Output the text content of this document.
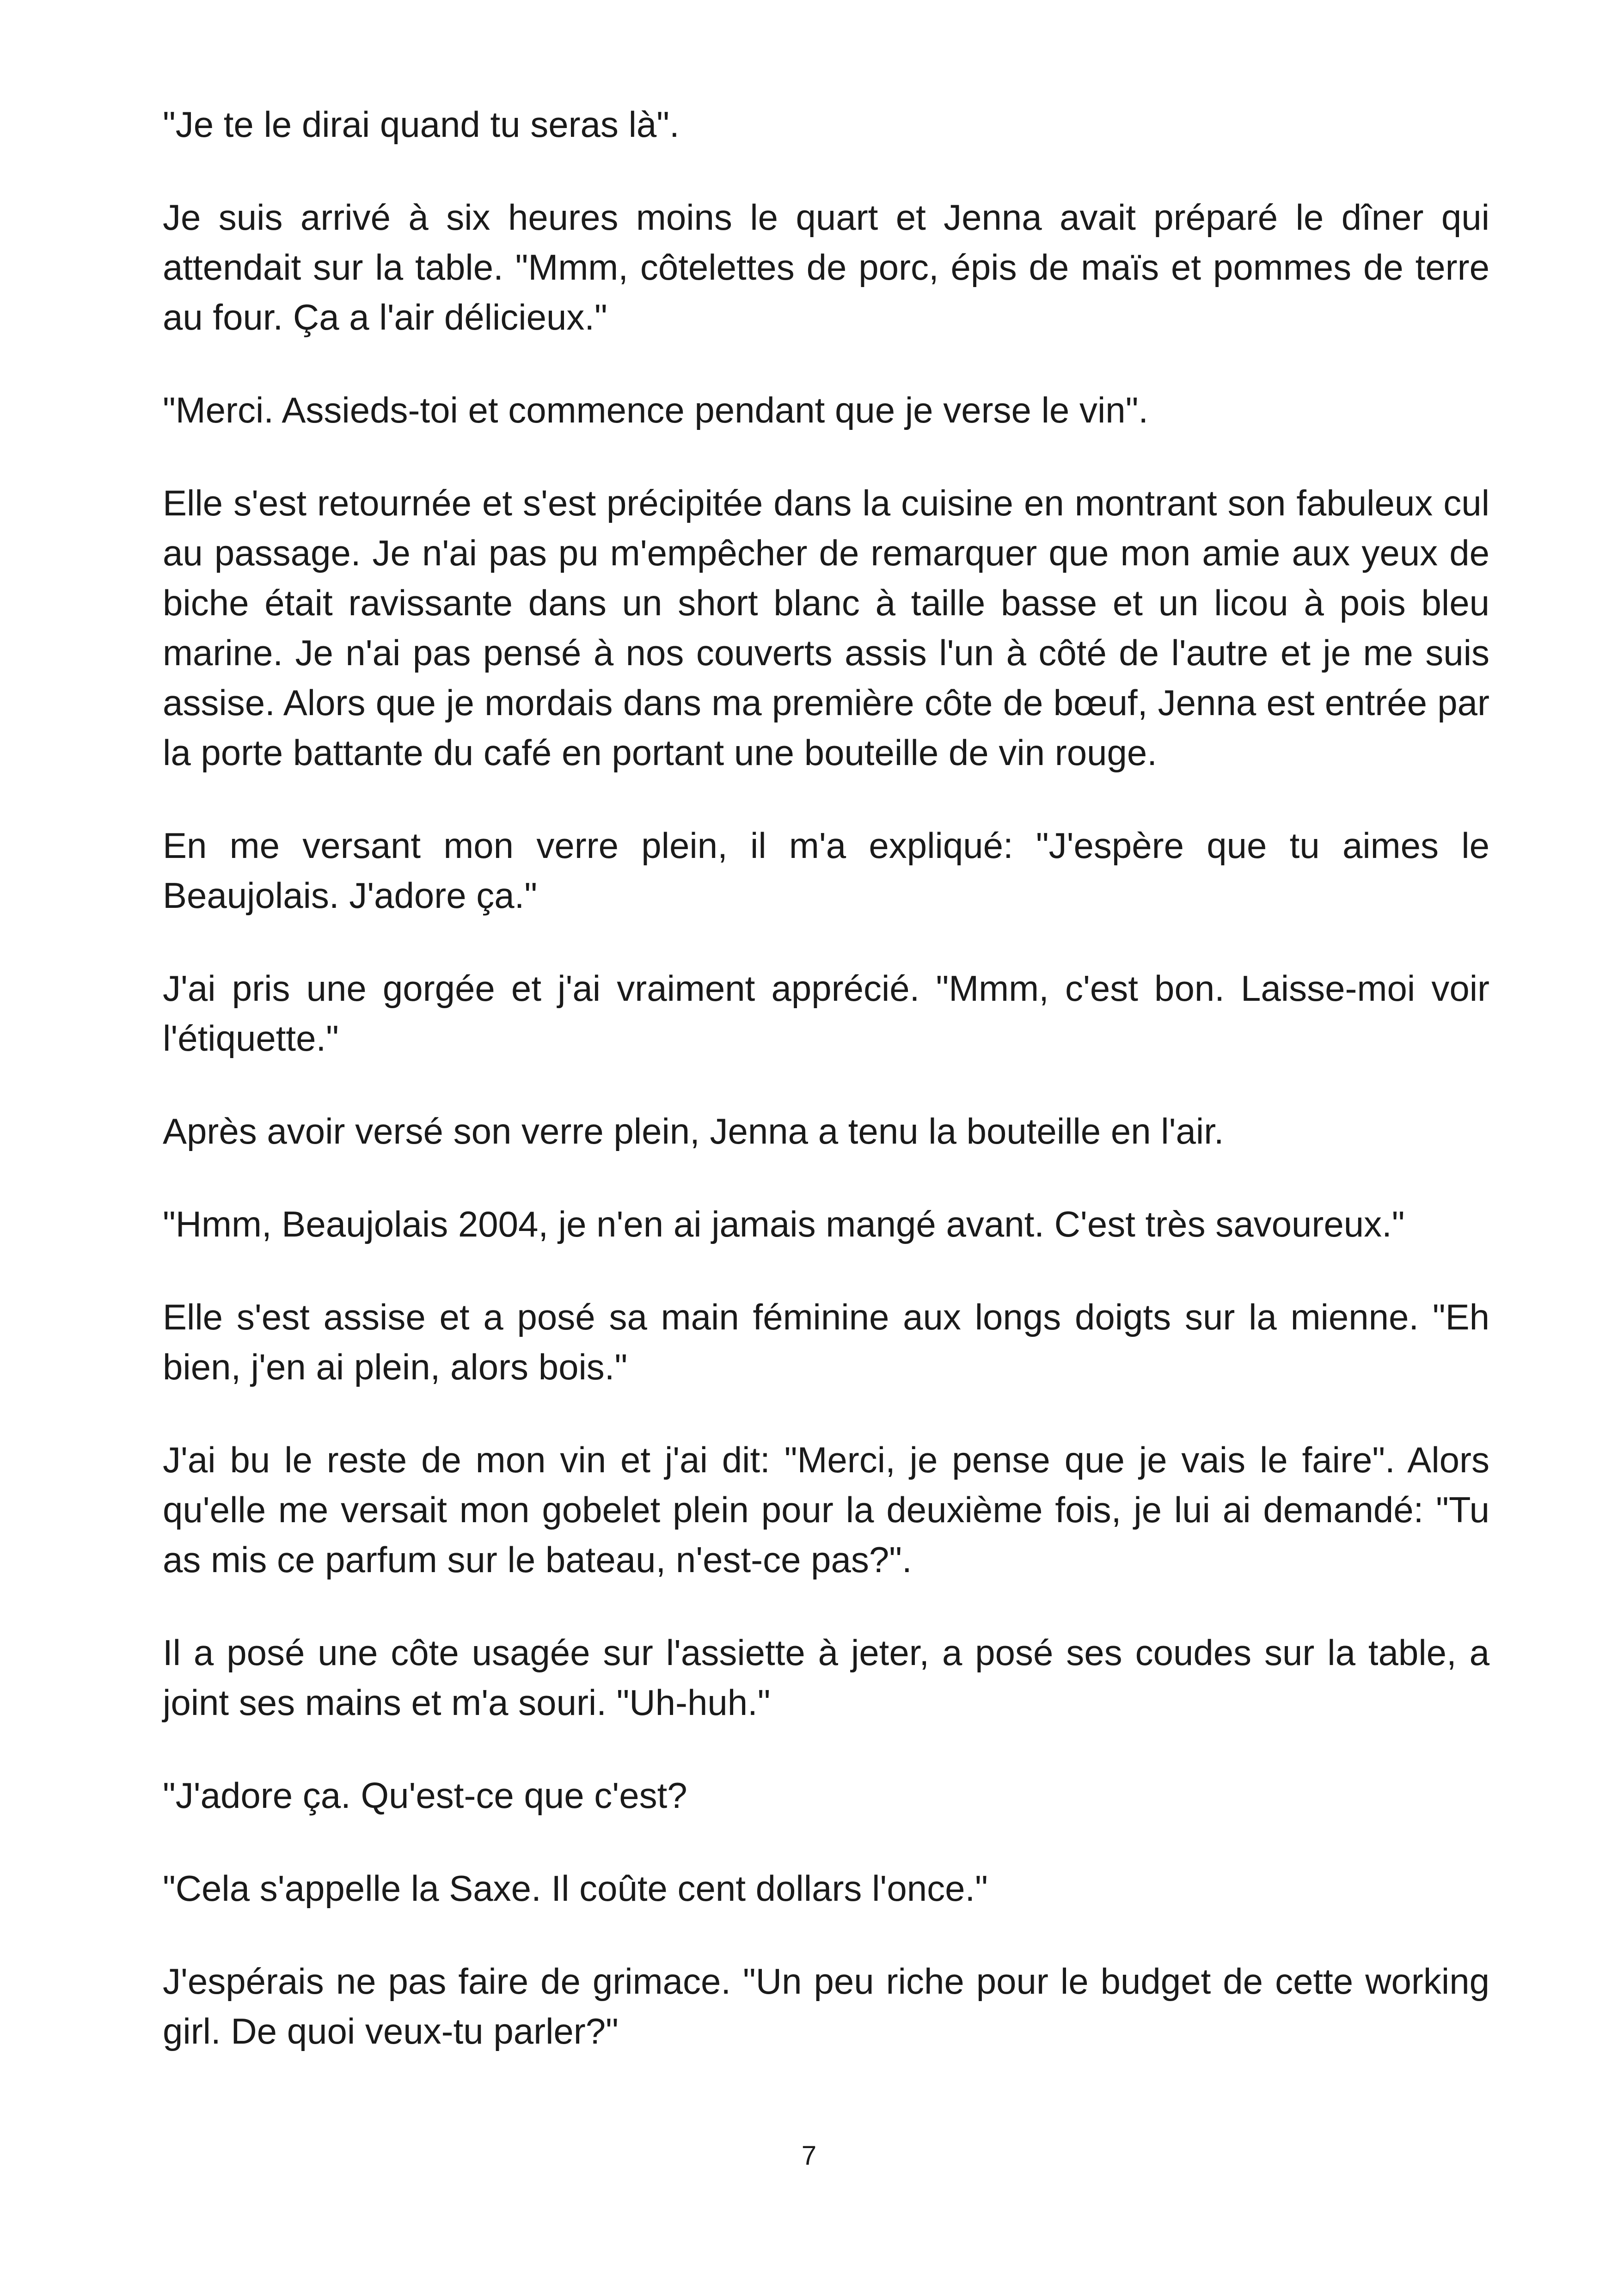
"Je te le dirai quand tu seras là".

Je suis arrivé à six heures moins le quart et Jenna avait préparé le dîner qui attendait sur la table. "Mmm, côtelettes de porc, épis de maïs et pommes de terre au four. Ça a l'air délicieux."

"Merci. Assieds-toi et commence pendant que je verse le vin".

Elle s'est retournée et s'est précipitée dans la cuisine en montrant son fabuleux cul au passage. Je n'ai pas pu m'empêcher de remarquer que mon amie aux yeux de biche était ravissante dans un short blanc à taille basse et un licou à pois bleu marine. Je n'ai pas pensé à nos couverts assis l'un à côté de l'autre et je me suis assise. Alors que je mordais dans ma première côte de bœuf, Jenna est entrée par la porte battante du café en portant une bouteille de vin rouge.

En me versant mon verre plein, il m'a expliqué: "J'espère que tu aimes le Beaujolais. J'adore ça."

J'ai pris une gorgée et j'ai vraiment apprécié. "Mmm, c'est bon. Laisse-moi voir l'étiquette."

Après avoir versé son verre plein, Jenna a tenu la bouteille en l'air.

"Hmm, Beaujolais 2004, je n'en ai jamais mangé avant. C'est très savoureux."

Elle s'est assise et a posé sa main féminine aux longs doigts sur la mienne. "Eh bien, j'en ai plein, alors bois."

J'ai bu le reste de mon vin et j'ai dit: "Merci, je pense que je vais le faire". Alors qu'elle me versait mon gobelet plein pour la deuxième fois, je lui ai demandé: "Tu as mis ce parfum sur le bateau, n'est-ce pas?".

Il a posé une côte usagée sur l'assiette à jeter, a posé ses coudes sur la table, a joint ses mains et m'a souri. "Uh-huh."

"J'adore ça. Qu'est-ce que c'est?

"Cela s'appelle la Saxe. Il coûte cent dollars l'once."

J'espérais ne pas faire de grimace. "Un peu riche pour le budget de cette working girl. De quoi veux-tu parler?"

7
